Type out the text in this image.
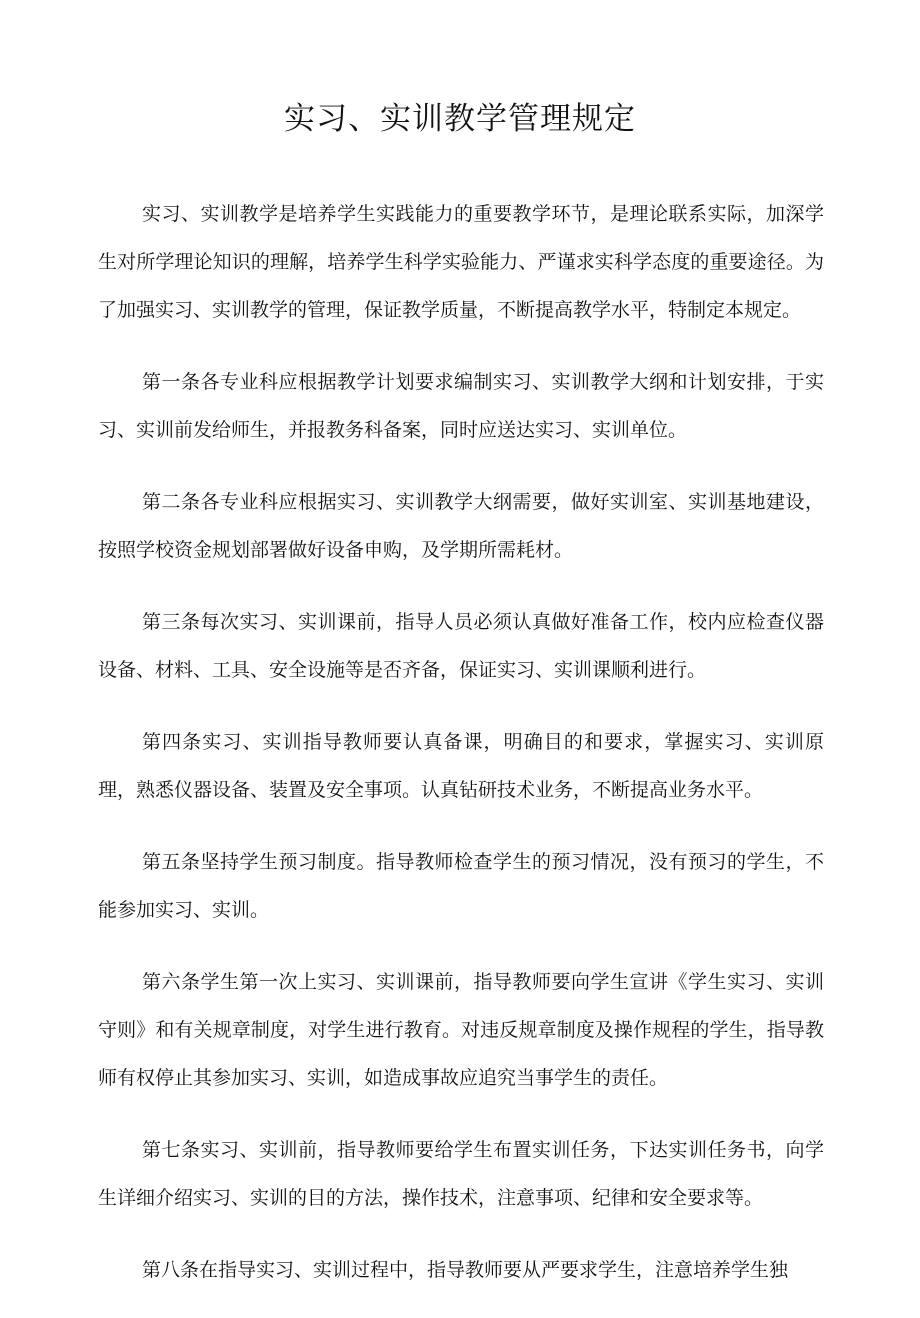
实习、实训教学管理规定

实习、实训教学是培养学生实践能力的重要教学环节，是理论联系实际，加深学生对所学理论知识的理解，培养学生科学实验能力、严谨求实科学态度的重要途径。为了加强实习、实训教学的管理，保证教学质量，不断提高教学水平，特制定本规定。

第一条各专业科应根据教学计划要求编制实习、实训教学大纲和计划安排，于实习、实训前发给师生，并报教务科备案，同时应送达实习、实训单位。

第二条各专业科应根据实习、实训教学大纲需要，做好实训室、实训基地建设，按照学校资金规划部署做好设备申购，及学期所需耗材。

第三条每次实习、实训课前，指导人员必须认真做好准备工作，校内应检查仪器设备、材料、工具、安全设施等是否齐备，保证实习、实训课顺利进行。

第四条实习、实训指导教师要认真备课，明确目的和要求，掌握实习、实训原理，熟悉仪器设备、装置及安全事项。认真钻研技术业务，不断提高业务水平。

第五条坚持学生预习制度。指导教师检查学生的预习情况，没有预习的学生，不能参加实习、实训。

第六条学生第一次上实习、实训课前，指导教师要向学生宣讲《学生实习、实训守则》和有关规章制度，对学生进行教育。对违反规章制度及操作规程的学生，指导教师有权停止其参加实习、实训，如造成事故应追究当事学生的责任。

第七条实习、实训前，指导教师要给学生布置实训任务，下达实训任务书，向学生详细介绍实习、实训的目的方法，操作技术，注意事项、纪律和安全要求等。

第八条在指导实习、实训过程中，指导教师要从严要求学生，注意培养学生独
